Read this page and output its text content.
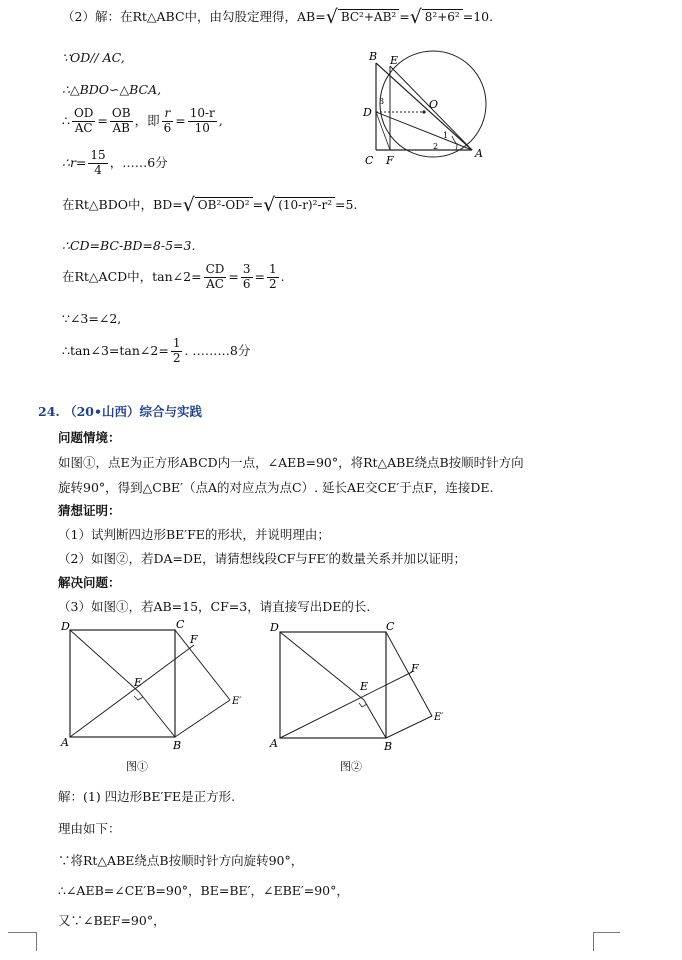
（2）解：在Rt△ABC中，由勾股定理得，AB=√ BC²+AB² =√ 8²+6² =10.
∵OD// AC,
∴△BDO∽△BCA,
∴ $\frac{OD}{AC} = \frac{OB}{AB}$ ，即 $\frac{r}{6} = \frac{10-r}{10}$ ,
∴r= $\frac{15}{4}$ ，……6分
在Rt△BDO中，BD=√ OB²-OD² =√ (10-r)²-r² =5.
∴CD=BC-BD=8-5=3.
在Rt△ACD中，tan∠2= $\frac{CD}{AC} = \frac{3}{6} = \frac{1}{2}$ .
∵∠3=∠2,
∴tan∠3=tan∠2= $\frac{1}{2}$ . ………8分
B E
D
O
3
1
2
C F
A
24. （20•山西）综合与实践
问题情境：
如图①，点E为正方形ABCD内一点，∠AEB=90°，将Rt△ABE绕点B按顺时针方向
旋转90°，得到△CBE′（点A的对应点为点C）. 延长AE交CE′于点F，连接DE.
猜想证明：
（1）试判断四边形BE′FE的形状，并说明理由；
（2）如图②，若DA=DE，请猜想线段CF与FE′的数量关系并加以证明；
解决问题：
（3）如图①，若AB=15，CF=3，请直接写出DE的长.
D	C
F
E
E′
A	B
图①
D	C
F
E
E′
A	B
图②
解：(1) 四边形BE′FE是正方形.
理由如下：
∵将Rt△ABE绕点B按顺时针方向旋转90°，
∴∠AEB=∠CE′B=90°，BE=BE′，∠EBE′=90°，
又∵∠BEF=90°，
